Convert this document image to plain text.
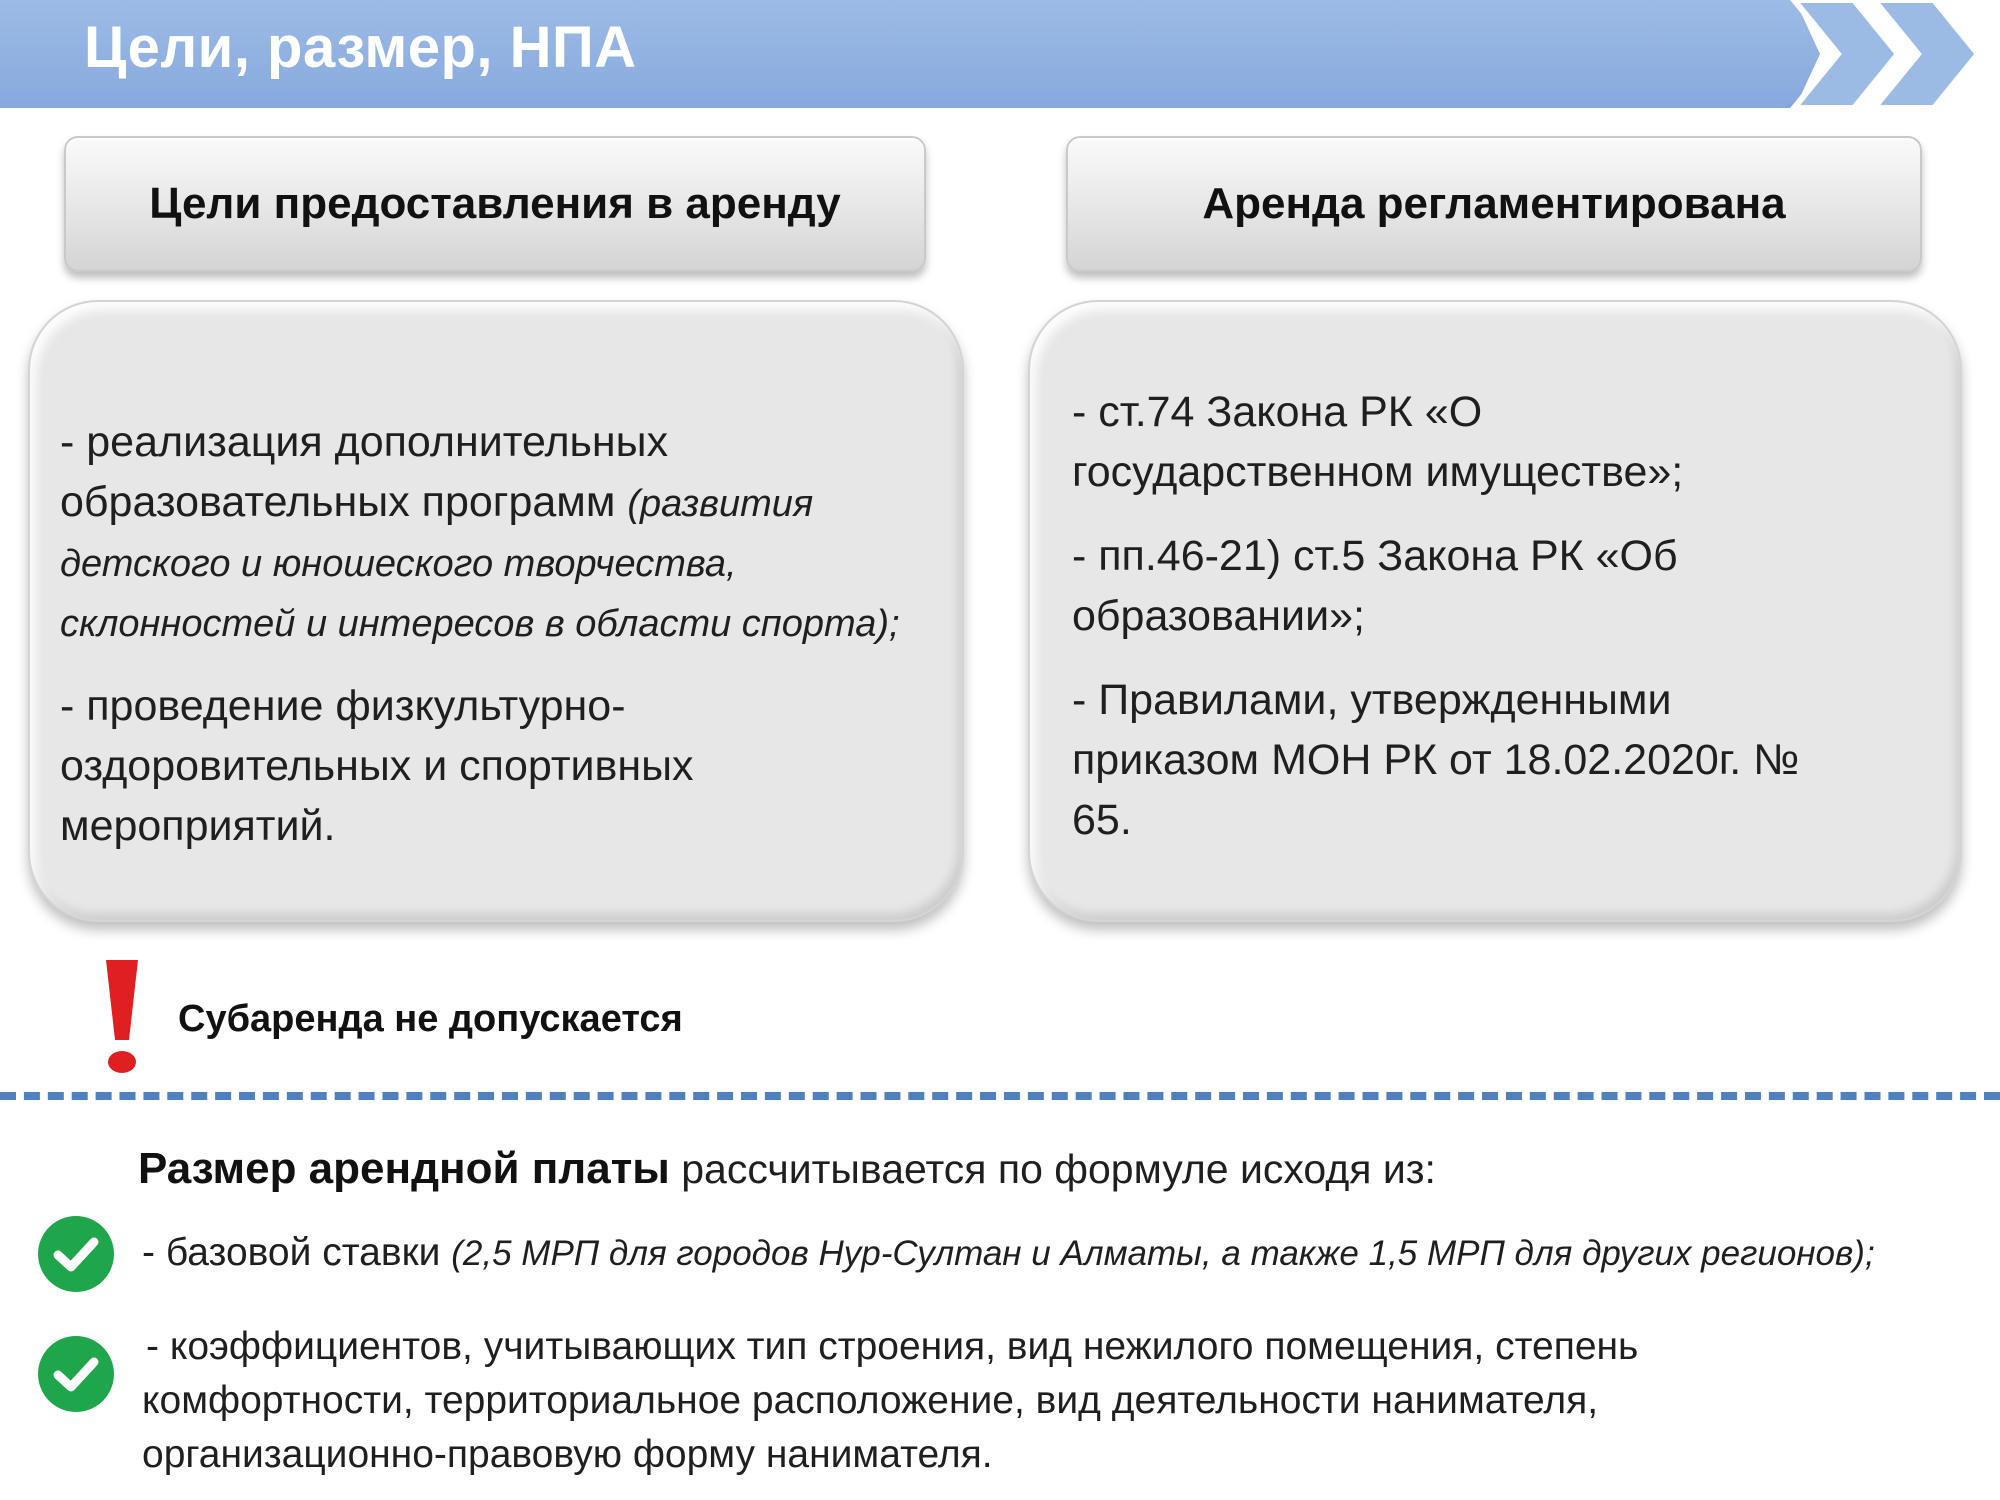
Цели, размер, НПА
Цели предоставления в аренду

- реализация дополнительных образовательных программ (развития детского и юношеского творчества, склонностей и интересов в области спорта);

- проведение физкультурно-оздоровительных и спортивных мероприятий.

Аренда регламентирована

- ст.74 Закона РК «О государственном имуществе»;

- пп.46-21) ст.5 Закона РК «Об образовании»;

- Правилами, утвержденными приказом МОН РК от 18.02.2020г. № 65.

Субаренда не допускается
Размер арендной платы рассчитывается по формуле исходя из:
- базовой ставки (2,5 МРП для городов Нур-Султан и Алматы, а также 1,5 МРП для других регионов);
- коэффициентов, учитывающих тип строения, вид нежилого помещения, степень комфортности, территориальное расположение, вид деятельности нанимателя, организационно-правовую форму нанимателя.
